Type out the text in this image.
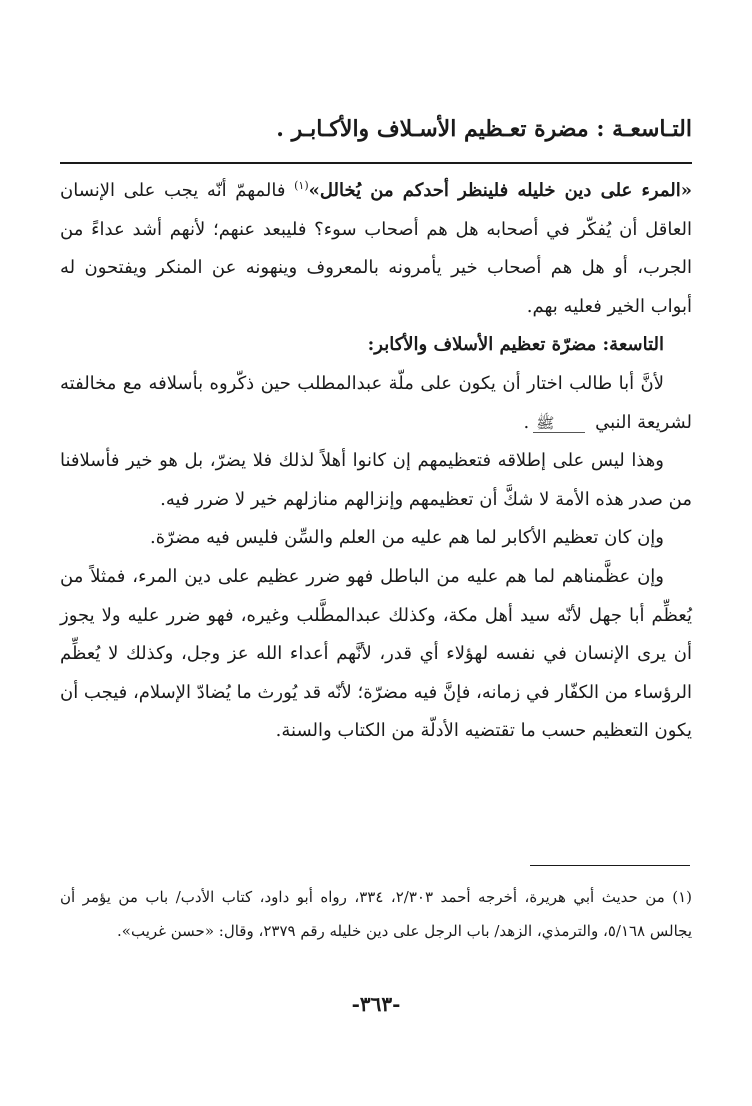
التـاسعـة : مضرة تعـظيم الأسـلاف والأكـابـر .

«المرء على دين خليله فلينظر أحدكم من يُخالل»$^{(١)}$ فالمهمّ أنّه يجب على الإنسان العاقل أن يُفكّر في أصحابه هل هم أصحاب سوء؟ فليبعد عنهم؛ لأنهم أشد عداءً من الجرب، أو هل هم أصحاب خير يأمرونه بالمعروف وينهونه عن المنكر ويفتحون له أبواب الخير فعليه بهم.

التاسعة: مضرّة تعظيم الأسلاف والأكابر:

لأنَّ أبا طالب اختار أن يكون على ملّة عبدالمطلب حين ذكّروه بأسلافه مع مخالفته لشريعة النبي ﷺ.

وهذا ليس على إطلاقه فتعظيمهم إن كانوا أهلاً لذلك فلا يضرّ، بل هو خير فأسلافنا من صدر هذه الأمة لا شكَّ أن تعظيمهم وإنزالهم منازلهم خير لا ضرر فيه.

وإن كان تعظيم الأكابر لما هم عليه من العلم والسِّن فليس فيه مضرّة.

وإن عظَّمناهم لما هم عليه من الباطل فهو ضرر عظيم على دين المرء، فمثلاً من يُعظِّم أبا جهل لأنّه سيد أهل مكة، وكذلك عبدالمطَّلب وغيره، فهو ضرر عليه ولا يجوز أن يرى الإنسان في نفسه لهؤلاء أي قدر، لأنَّهم أعداء الله عز وجل، وكذلك لا يُعظِّم الرؤساء من الكفّار في زمانه، فإنَّ فيه مضرّة؛ لأنّه قد يُورث ما يُضادّ الإسلام، فيجب أن يكون التعظيم حسب ما تقتضيه الأدلّة من الكتاب والسنة.

(١) من حديث أبي هريرة، أخرجه أحمد ٢/٣٠٣، ٣٣٤، رواه أبو داود، كتاب الأدب/ باب من يؤمر أن يجالس ٥/١٦٨، والترمذي، الزهد/ باب الرجل على دين خليله رقم ٢٣٧٩، وقال: «حسن غريب».

-٣٦٣-
